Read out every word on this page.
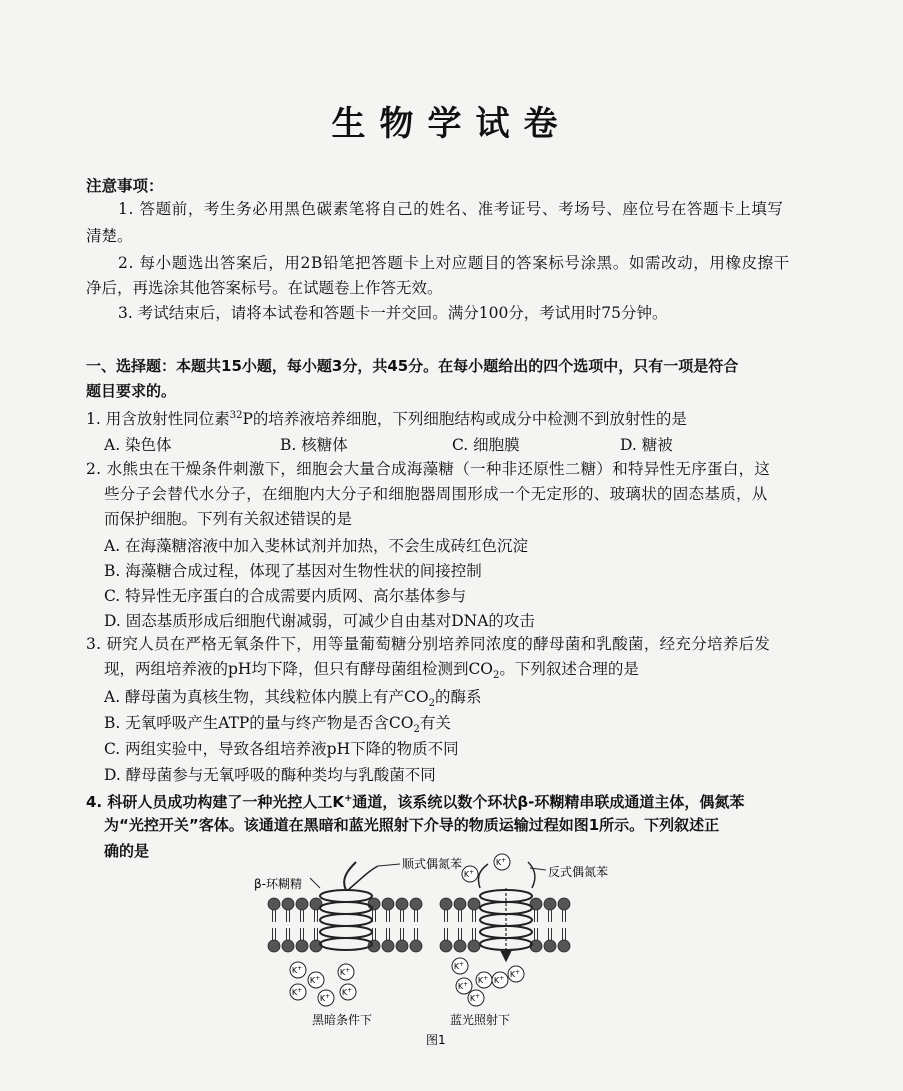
生物学试卷
注意事项：
1. 答题前，考生务必用黑色碳素笔将自己的姓名、准考证号、考场号、座位号在答题卡上填写
清楚。
2. 每小题选出答案后，用2B铅笔把答题卡上对应题目的答案标号涂黑。如需改动，用橡皮擦干
净后，再选涂其他答案标号。在试题卷上作答无效。
3. 考试结束后，请将本试卷和答题卡一并交回。满分100分，考试用时75分钟。
一、选择题：本题共15小题，每小题3分，共45分。在每小题给出的四个选项中，只有一项是符合
题目要求的。
1. 用含放射性同位素$^{32}$P的培养液培养细胞，下列细胞结构或成分中检测不到放射性的是
A. 染色体	B. 核糖体	C. 细胞膜	D. 糖被
2. 水熊虫在干燥条件刺激下，细胞会大量合成海藻糖（一种非还原性二糖）和特异性无序蛋白，这
些分子会替代水分子，在细胞内大分子和细胞器周围形成一个无定形的、玻璃状的固态基质，从
而保护细胞。下列有关叙述错误的是
A. 在海藻糖溶液中加入斐林试剂并加热，不会生成砖红色沉淀
B. 海藻糖合成过程，体现了基因对生物性状的间接控制
C. 特异性无序蛋白的合成需要内质网、高尔基体参与
D. 固态基质形成后细胞代谢减弱，可减少自由基对DNA的攻击
3. 研究人员在严格无氧条件下，用等量葡萄糖分别培养同浓度的酵母菌和乳酸菌，经充分培养后发
现，两组培养液的pH均下降，但只有酵母菌组检测到$CO_2$。下列叙述合理的是
A. 酵母菌为真核生物，其线粒体内膜上有产$CO_2$的酶系
B. 无氧呼吸产生ATP的量与终产物是否含$CO_2$有关
C. 两组实验中，导致各组培养液pH下降的物质不同
D. 酵母菌参与无氧呼吸的酶种类均与乳酸菌不同
4. 科研人员成功构建了一种光控人工K+通道，该系统以数个环状β-环糊精串联成通道主体，偶氮苯
为“光控开关”客体。该通道在黑暗和蓝光照射下介导的物质运输过程如图1所示。下列叙述正
确的是
β-环糊精
顺式偶氮苯
反式偶氮苯
K+
K+
K+
K+
K+
K+
K+ K+
K+
K+ K+ K+ K+
K+
黑暗条件下	蓝光照射下
图1
